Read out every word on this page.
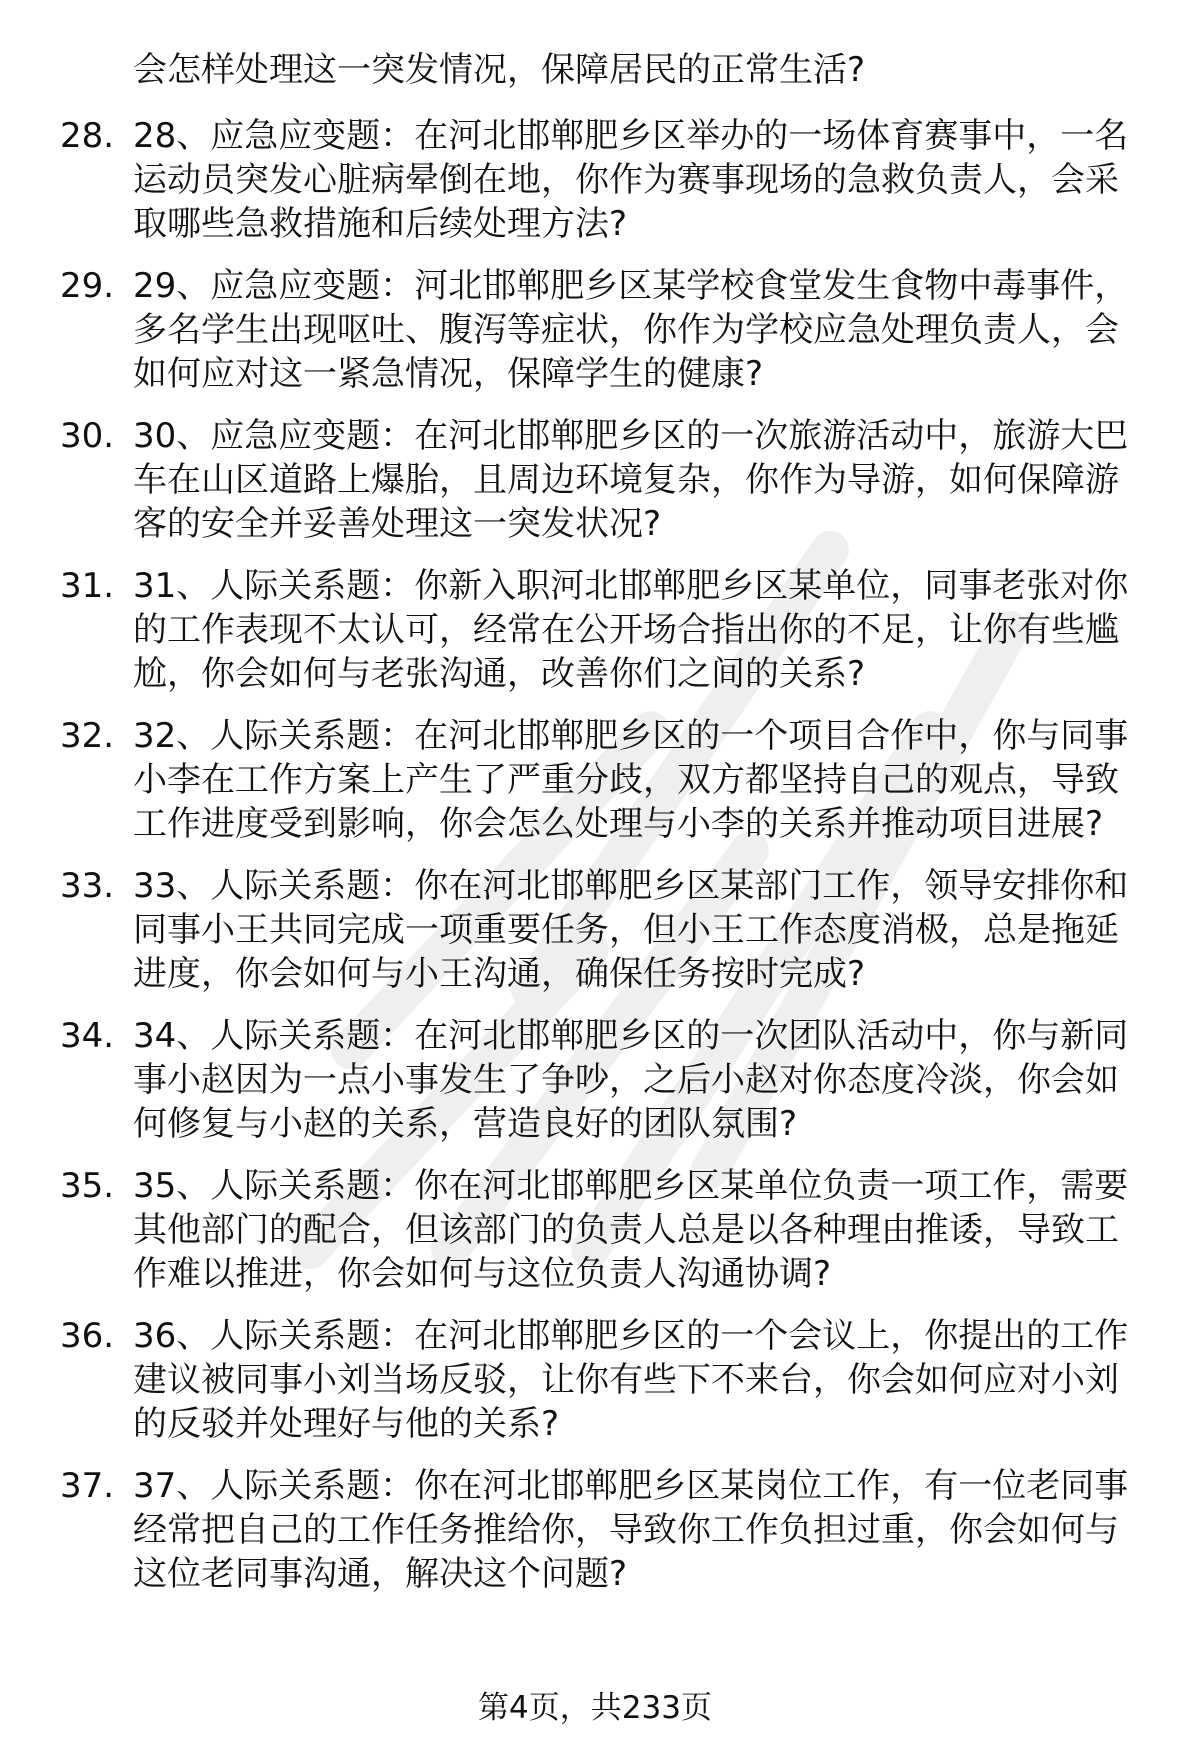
会怎样处理这一突发情况，保障居民的正常生活?
28. 28、应急应变题：在河北邯郸肥乡区举办的一场体育赛事中，一名运动员突发心脏病晕倒在地，你作为赛事现场的急救负责人，会采取哪些急救措施和后续处理方法?
29. 29、应急应变题：河北邯郸肥乡区某学校食堂发生食物中毒事件，多名学生出现呕吐、腹泻等症状，你作为学校应急处理负责人，会如何应对这一紧急情况，保障学生的健康?
30. 30、应急应变题：在河北邯郸肥乡区的一次旅游活动中，旅游大巴车在山区道路上爆胎，且周边环境复杂，你作为导游，如何保障游客的安全并妥善处理这一突发状况?
31. 31、人际关系题：你新入职河北邯郸肥乡区某单位，同事老张对你的工作表现不太认可，经常在公开场合指出你的不足，让你有些尴尬，你会如何与老张沟通，改善你们之间的关系?
32. 32、人际关系题：在河北邯郸肥乡区的一个项目合作中，你与同事小李在工作方案上产生了严重分歧，双方都坚持自己的观点，导致工作进度受到影响，你会怎么处理与小李的关系并推动项目进展?
33. 33、人际关系题：你在河北邯郸肥乡区某部门工作，领导安排你和同事小王共同完成一项重要任务，但小王工作态度消极，总是拖延进度，你会如何与小王沟通，确保任务按时完成?
34. 34、人际关系题：在河北邯郸肥乡区的一次团队活动中，你与新同事小赵因为一点小事发生了争吵，之后小赵对你态度冷淡，你会如何修复与小赵的关系，营造良好的团队氛围?
35. 35、人际关系题：你在河北邯郸肥乡区某单位负责一项工作，需要其他部门的配合，但该部门的负责人总是以各种理由推诿，导致工作难以推进，你会如何与这位负责人沟通协调?
36. 36、人际关系题：在河北邯郸肥乡区的一个会议上，你提出的工作建议被同事小刘当场反驳，让你有些下不来台，你会如何应对小刘的反驳并处理好与他的关系?
37. 37、人际关系题：你在河北邯郸肥乡区某岗位工作，有一位老同事经常把自己的工作任务推给你，导致你工作负担过重，你会如何与这位老同事沟通，解决这个问题?
第4页，共233页
